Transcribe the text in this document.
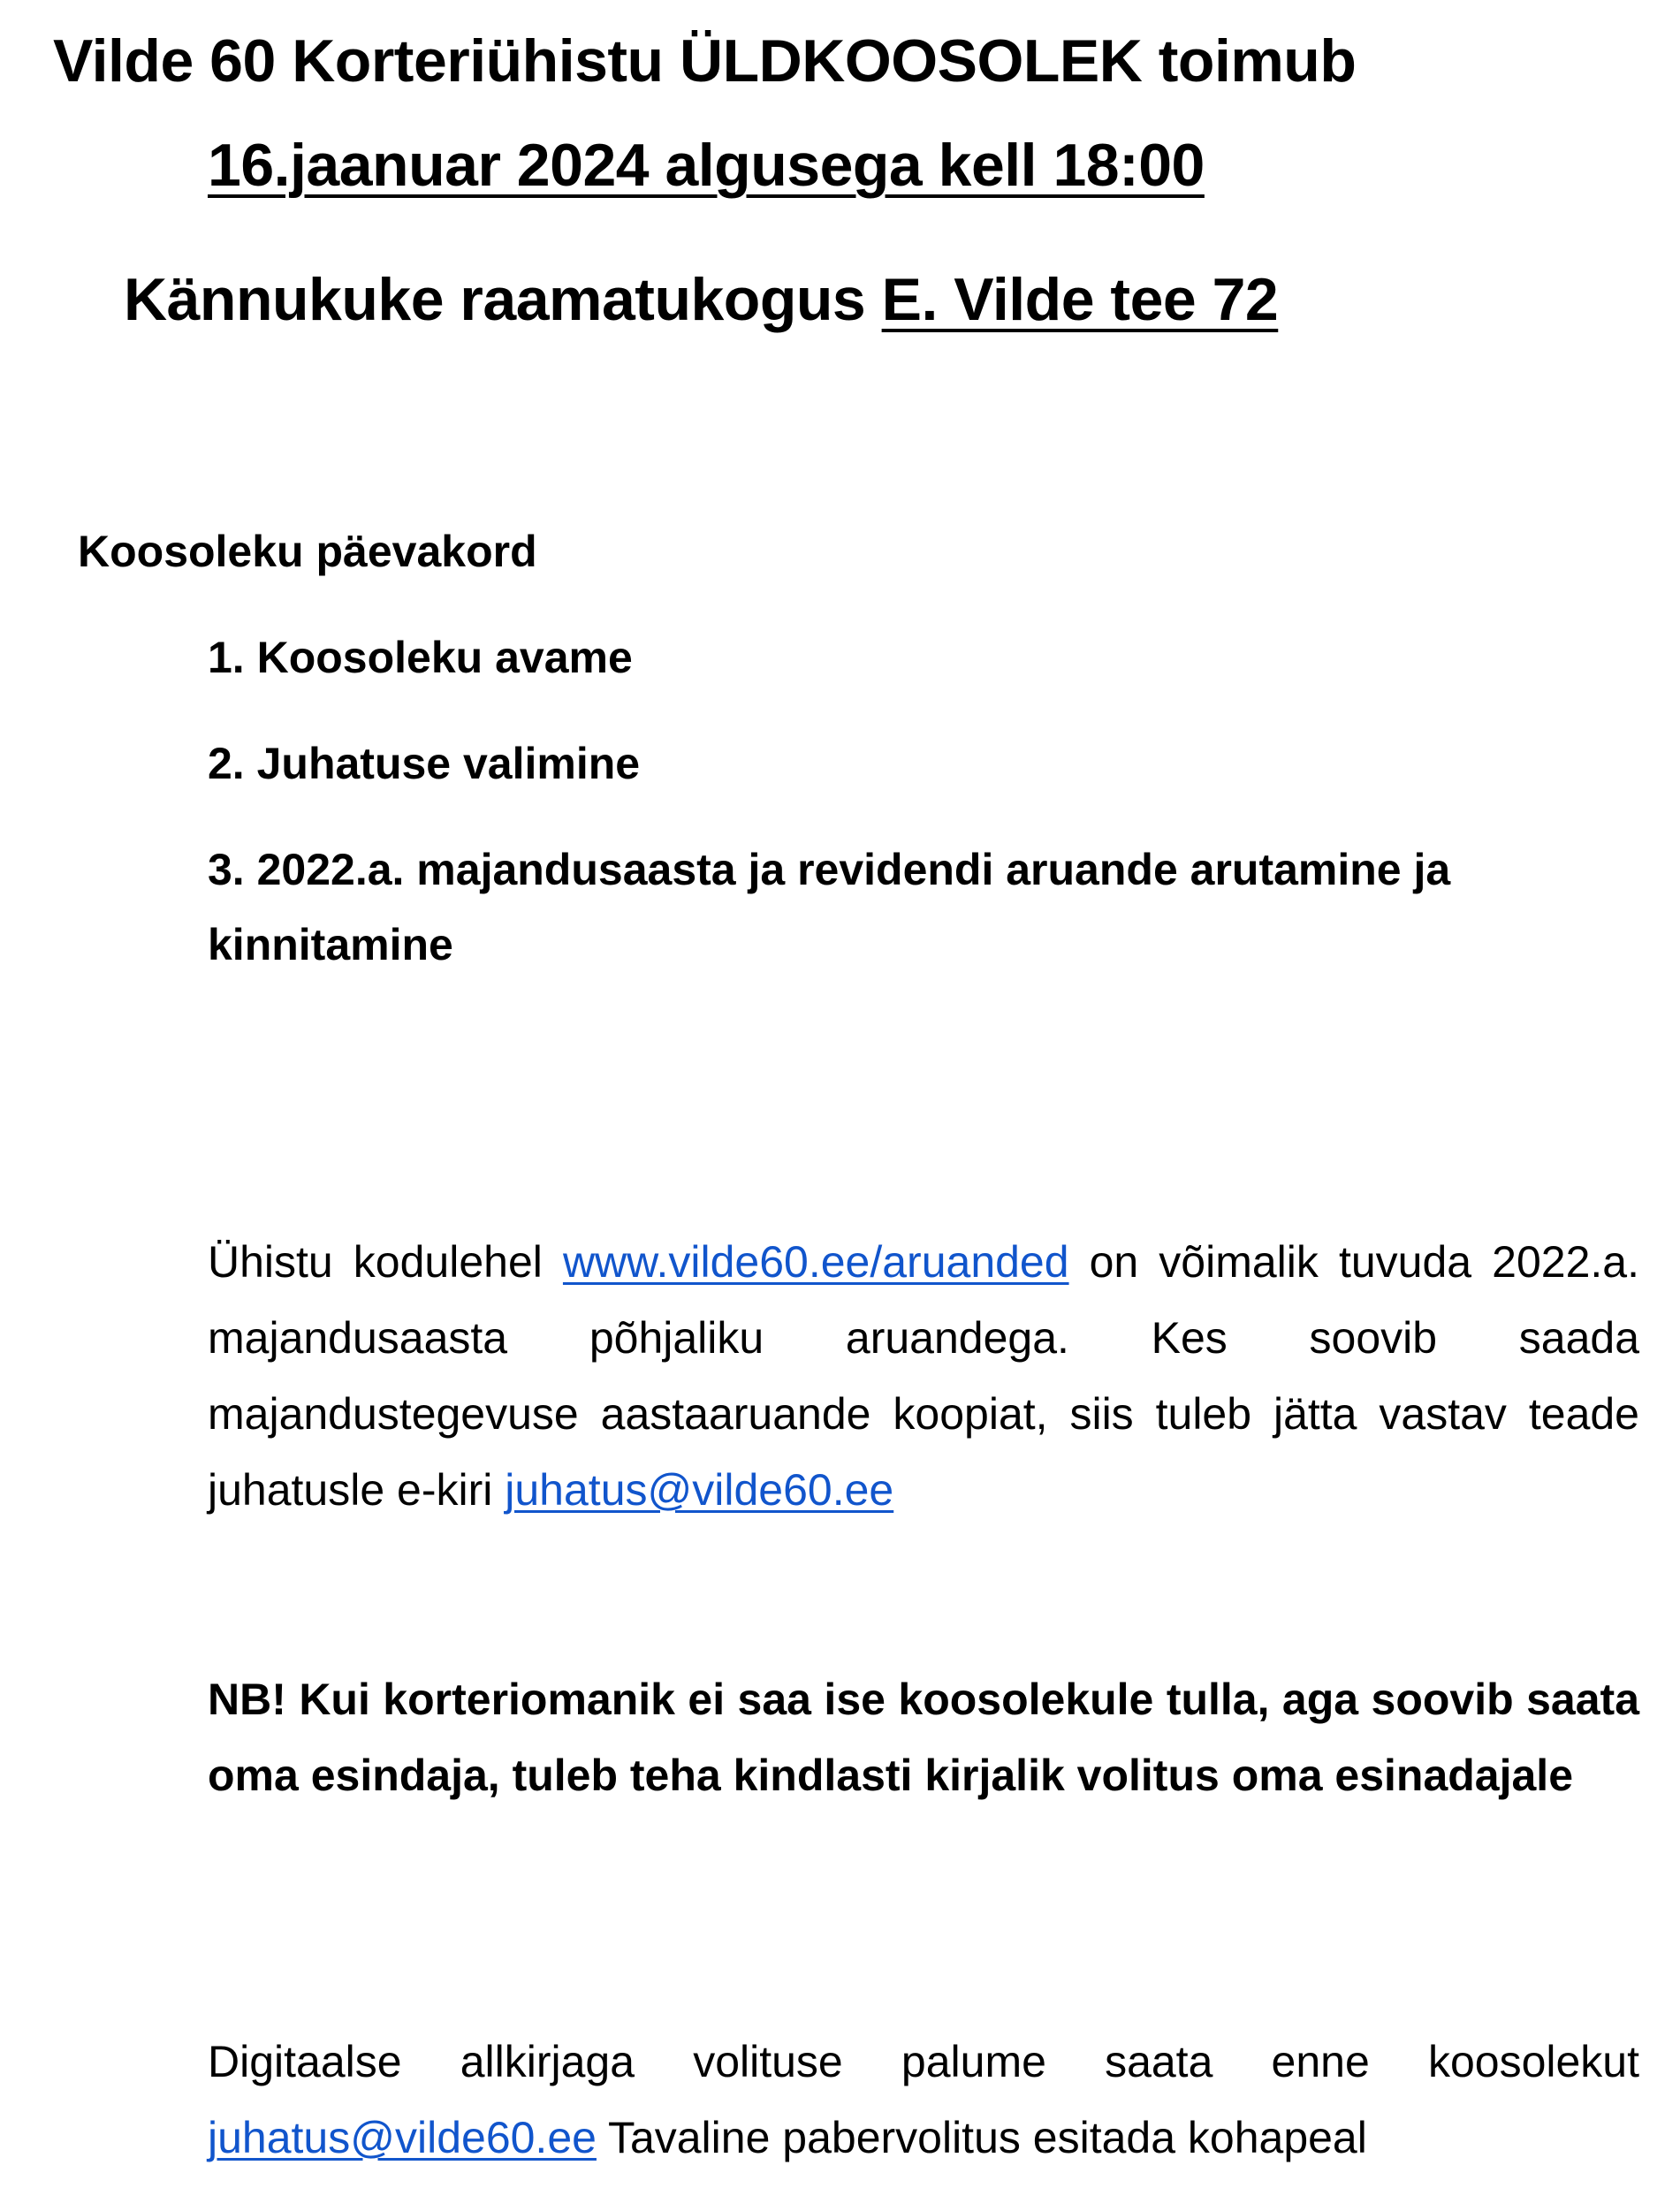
Vilde 60 Korteriühistu ÜLDKOOSOLEK toimub
16.jaanuar 2024 algusega kell 18:00
Kännukuke raamatukogus E. Vilde tee 72
Koosoleku päevakord
1. Koosoleku avame
2. Juhatuse valimine
3. 2022.a. majandusaasta ja revidendi aruande arutamine ja
kinnitamine
Ühistu kodulehel www.vilde60.ee/aruanded on võimalik tuvuda 2022.a. majandusaasta põhjaliku aruandega. Kes soovib saada majandustegevuse aastaaruande koopiat, siis tuleb jätta vastav teade juhatusle e-kiri juhatus@vilde60.ee
NB! Kui korteriomanik ei saa ise koosolekule tulla, aga soovib saata oma esindaja, tuleb teha kindlasti kirjalik volitus oma esinadajale
Digitaalse allkirjaga volituse palume saata enne koosolekut juhatus@vilde60.ee Tavaline pabervolitus esitada kohapeal
